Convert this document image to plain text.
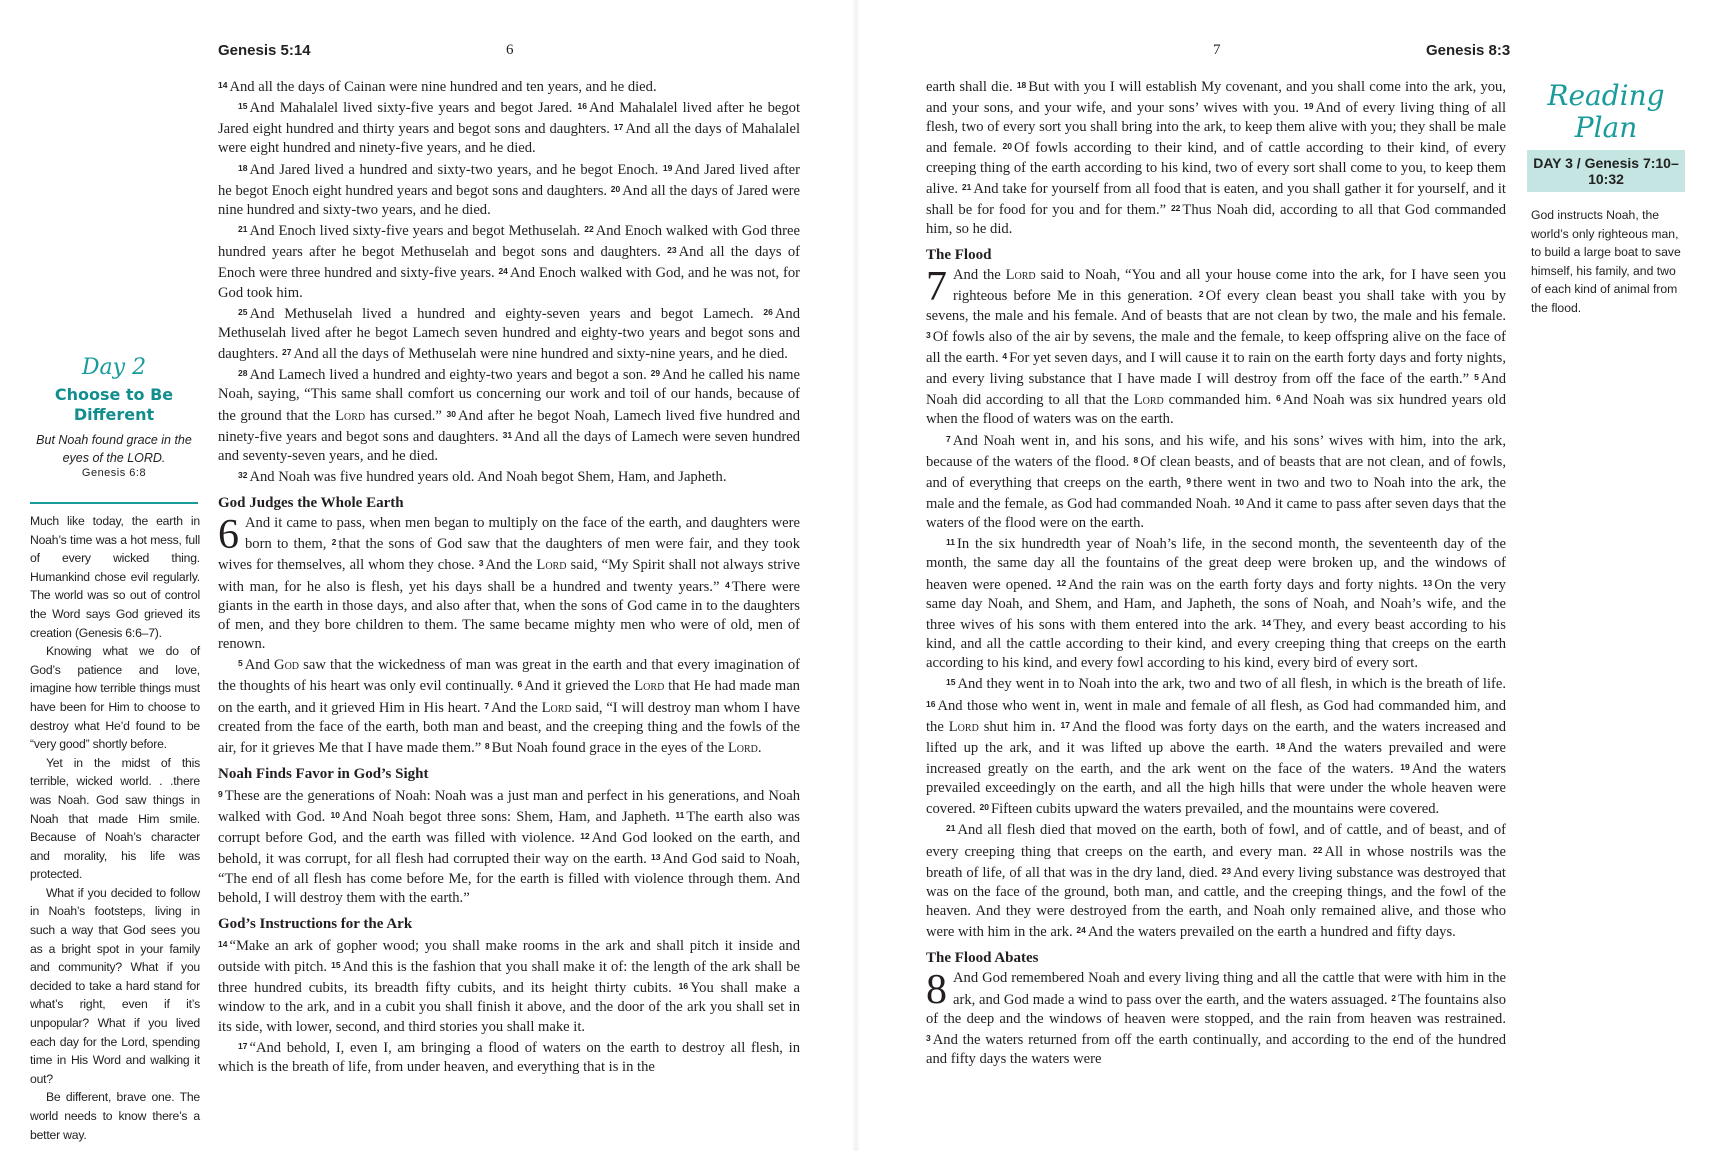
Genesis 5:14	6
Day 2
Choose to Be Different
But Noah found grace in the eyes of the LORD.
Genesis 6:8

Much like today, the earth in Noah’s time was a hot mess, full of every wicked thing. Humankind chose evil regularly. The world was so out of control the Word says God grieved its creation (Genesis 6:6–7).

Knowing what we do of God’s patience and love, imagine how terrible things must have been for Him to choose to destroy what He’d found to be “very good” shortly before.

Yet in the midst of this terrible, wicked world. . .there was Noah. God saw things in Noah that made Him smile. Because of Noah’s character and morality, his life was protected.

What if you decided to follow in Noah’s footsteps, living in such a way that God sees you as a bright spot in your family and community? What if you decided to take a hard stand for what’s right, even if it’s unpopular? What if you lived each day for the Lord, spending time in His Word and walking it out?

Be different, brave one. The world needs to know there’s a better way.

$^{14}$ And all the days of Cainan were nine hundred and ten years, and he died.

$^{15}$ And Mahalalel lived sixty-five years and begot Jared. $^{16}$ And Mahalalel lived after he begot Jared eight hundred and thirty years and begot sons and daughters. $^{17}$ And all the days of Mahalalel were eight hundred and ninety-five years, and he died.

$^{18}$ And Jared lived a hundred and sixty-two years, and he begot Enoch. $^{19}$ And Jared lived after he begot Enoch eight hundred years and begot sons and daughters. $^{20}$ And all the days of Jared were nine hundred and sixty-two years, and he died.

$^{21}$ And Enoch lived sixty-five years and begot Methuselah. $^{22}$ And Enoch walked with God three hundred years after he begot Methuselah and begot sons and daughters. $^{23}$ And all the days of Enoch were three hundred and sixty-five years. $^{24}$ And Enoch walked with God, and he was not, for God took him.

$^{25}$ And Methuselah lived a hundred and eighty-seven years and begot Lamech. $^{26}$ And Methuselah lived after he begot Lamech seven hundred and eighty-two years and begot sons and daughters. $^{27}$ And all the days of Methuselah were nine hundred and sixty-nine years, and he died.

$^{28}$ And Lamech lived a hundred and eighty-two years and begot a son. $^{29}$ And he called his name Noah, saying, “This same shall comfort us concerning our work and toil of our hands, because of the ground that the Lord has cursed.” $^{30}$ And after he begot Noah, Lamech lived five hundred and ninety-five years and begot sons and daughters. $^{31}$ And all the days of Lamech were seven hundred and seventy-seven years, and he died.

$^{32}$ And Noah was five hundred years old. And Noah begot Shem, Ham, and Japheth.

God Judges the Whole Earth

6 And it came to pass, when men began to multiply on the face of the earth, and daughters were born to them, $^2$ that the sons of God saw that the daughters of men were fair, and they took wives for themselves, all whom they chose. $^3$ And the Lord said, “My Spirit shall not always strive with man, for he also is flesh, yet his days shall be a hundred and twenty years.” $^4$ There were giants in the earth in those days, and also after that, when the sons of God came in to the daughters of men, and they bore children to them. The same became mighty men who were of old, men of renown.

$^5$ And God saw that the wickedness of man was great in the earth and that every imagination of the thoughts of his heart was only evil continually. $^6$ And it grieved the Lord that He had made man on the earth, and it grieved Him in His heart. $^7$ And the Lord said, “I will destroy man whom I have created from the face of the earth, both man and beast, and the creeping thing and the fowls of the air, for it grieves Me that I have made them.” $^8$ But Noah found grace in the eyes of the Lord.

Noah Finds Favor in God’s Sight

$^9$ These are the generations of Noah: Noah was a just man and perfect in his generations, and Noah walked with God. $^{10}$ And Noah begot three sons: Shem, Ham, and Japheth. $^{11}$ The earth also was corrupt before God, and the earth was filled with violence. $^{12}$ And God looked on the earth, and behold, it was corrupt, for all flesh had corrupted their way on the earth. $^{13}$ And God said to Noah, “The end of all flesh has come before Me, for the earth is filled with violence through them. And behold, I will destroy them with the earth.”

God’s Instructions for the Ark

$^{14}$ “Make an ark of gopher wood; you shall make rooms in the ark and shall pitch it inside and outside with pitch. $^{15}$ And this is the fashion that you shall make it of: the length of the ark shall be three hundred cubits, its breadth fifty cubits, and its height thirty cubits. $^{16}$ You shall make a window to the ark, and in a cubit you shall finish it above, and the door of the ark you shall set in its side, with lower, second, and third stories you shall make it.

$^{17}$ “And behold, I, even I, am bringing a flood of waters on the earth to destroy all flesh, in which is the breath of life, from under heaven, and everything that is in the

7	Genesis 8:3

earth shall die. $^{18}$ But with you I will establish My covenant, and you shall come into the ark, you, and your sons, and your wife, and your sons’ wives with you. $^{19}$ And of every living thing of all flesh, two of every sort you shall bring into the ark, to keep them alive with you; they shall be male and female. $^{20}$ Of fowls according to their kind, and of cattle according to their kind, of every creeping thing of the earth according to his kind, two of every sort shall come to you, to keep them alive. $^{21}$ And take for yourself from all food that is eaten, and you shall gather it for yourself, and it shall be for food for you and for them.” $^{22}$ Thus Noah did, according to all that God commanded him, so he did.

The Flood

7 And the Lord said to Noah, “You and all your house come into the ark, for I have seen you righteous before Me in this generation. $^2$ Of every clean beast you shall take with you by sevens, the male and his female. And of beasts that are not clean by two, the male and his female. $^3$ Of fowls also of the air by sevens, the male and the female, to keep offspring alive on the face of all the earth. $^4$ For yet seven days, and I will cause it to rain on the earth forty days and forty nights, and every living substance that I have made I will destroy from off the face of the earth.” $^5$ And Noah did according to all that the Lord commanded him. $^6$ And Noah was six hundred years old when the flood of waters was on the earth.

$^7$ And Noah went in, and his sons, and his wife, and his sons’ wives with him, into the ark, because of the waters of the flood. $^8$ Of clean beasts, and of beasts that are not clean, and of fowls, and of everything that creeps on the earth, $^9$ there went in two and two to Noah into the ark, the male and the female, as God had commanded Noah. $^{10}$ And it came to pass after seven days that the waters of the flood were on the earth.

$^{11}$ In the six hundredth year of Noah’s life, in the second month, the seventeenth day of the month, the same day all the fountains of the great deep were broken up, and the windows of heaven were opened. $^{12}$ And the rain was on the earth forty days and forty nights. $^{13}$ On the very same day Noah, and Shem, and Ham, and Japheth, the sons of Noah, and Noah’s wife, and the three wives of his sons with them entered into the ark. $^{14}$ They, and every beast according to his kind, and all the cattle according to their kind, and every creeping thing that creeps on the earth according to his kind, and every fowl according to his kind, every bird of every sort.

$^{15}$ And they went in to Noah into the ark, two and two of all flesh, in which is the breath of life. $^{16}$ And those who went in, went in male and female of all flesh, as God had commanded him, and the Lord shut him in. $^{17}$ And the flood was forty days on the earth, and the waters increased and lifted up the ark, and it was lifted up above the earth. $^{18}$ And the waters prevailed and were increased greatly on the earth, and the ark went on the face of the waters. $^{19}$ And the waters prevailed exceedingly on the earth, and all the high hills that were under the whole heaven were covered. $^{20}$ Fifteen cubits upward the waters prevailed, and the mountains were covered.

$^{21}$ And all flesh died that moved on the earth, both of fowl, and of cattle, and of beast, and of every creeping thing that creeps on the earth, and every man. $^{22}$ All in whose nostrils was the breath of life, of all that was in the dry land, died. $^{23}$ And every living substance was destroyed that was on the face of the ground, both man, and cattle, and the creeping things, and the fowl of the heaven. And they were destroyed from the earth, and Noah only remained alive, and those who were with him in the ark. $^{24}$ And the waters prevailed on the earth a hundred and fifty days.

The Flood Abates

8 And God remembered Noah and every living thing and all the cattle that were with him in the ark, and God made a wind to pass over the earth, and the waters assuaged. $^2$ The fountains also of the deep and the windows of heaven were stopped, and the rain from heaven was restrained. $^3$ And the waters returned from off the earth continually, and according to the end of the hundred and fifty days the waters were

Reading Plan
DAY 3 / Genesis 7:10–10:32
God instructs Noah, the world’s only righteous man, to build a large boat to save himself, his family, and two of each kind of animal from the flood.
